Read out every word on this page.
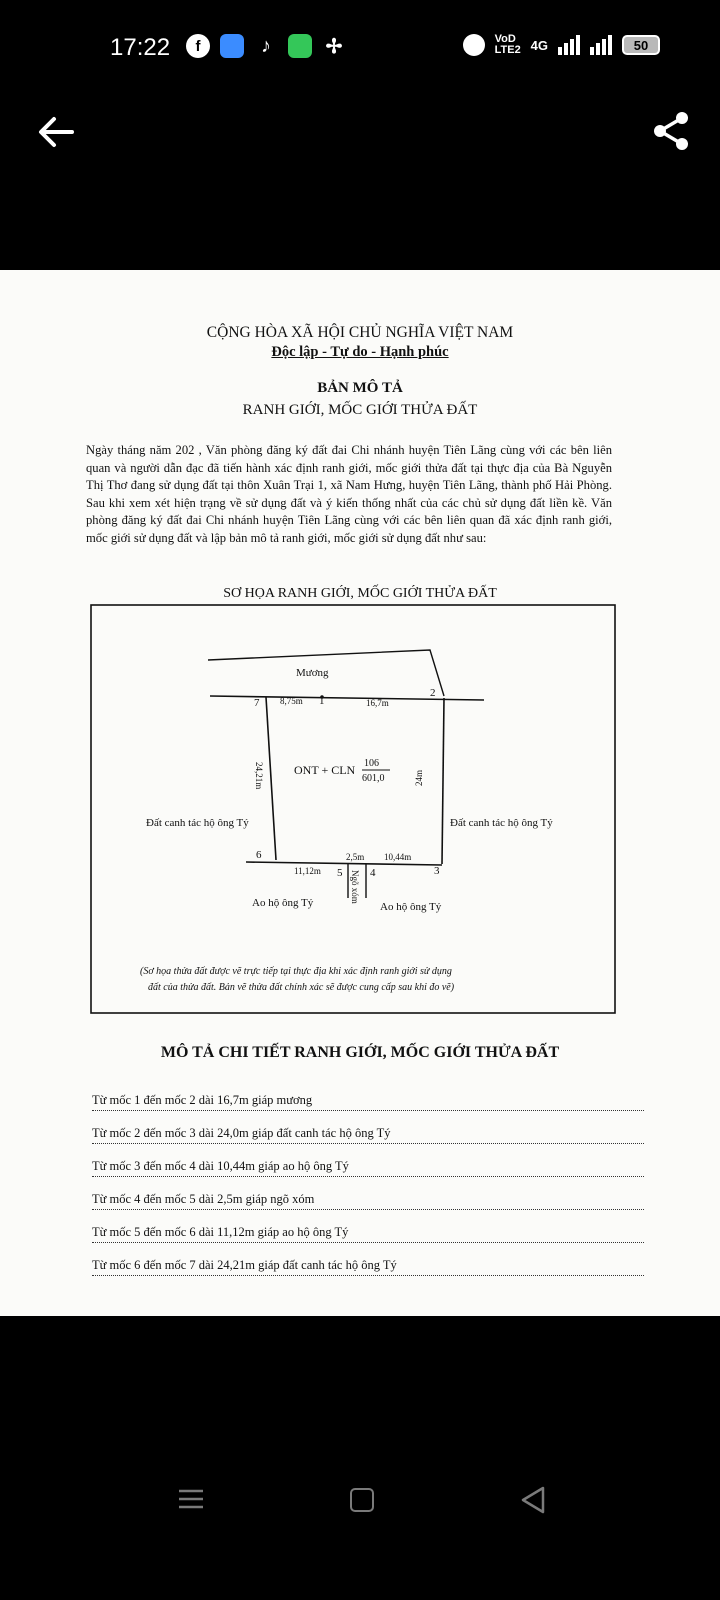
17:22	f	♪	✢	VoD LTE2 4G	50
CỘNG HÒA XÃ HỘI CHỦ NGHĨA VIỆT NAM
Độc lập - Tự do - Hạnh phúc
BẢN MÔ TẢ
RANH GIỚI, MỐC GIỚI THỬA ĐẤT
Ngày tháng năm 202 , Văn phòng đăng ký đất đai Chi nhánh huyện Tiên Lãng cùng với các bên liên quan và người dẫn đạc đã tiến hành xác định ranh giới, mốc giới thửa đất tại thực địa của Bà Nguyễn Thị Thơ đang sử dụng đất tại thôn Xuân Trại 1, xã Nam Hưng, huyện Tiên Lãng, thành phố Hải Phòng. Sau khi xem xét hiện trạng về sử dụng đất và ý kiến thống nhất của các chủ sử dụng đất liền kề. Văn phòng đăng ký đất đai Chi nhánh huyện Tiên Lãng cùng với các bên liên quan đã xác định ranh giới, mốc giới sử dụng đất và lập bản mô tả ranh giới, mốc giới sử dụng đất như sau:
SƠ HỌA RANH GIỚI, MỐC GIỚI THỬA ĐẤT
Mương
7 8,75m 1	16,7m
2
ONT + CLN 106
601,0
24,21m	24m
Đất canh tác hộ ông Tý	Đất canh tác hộ ông Tý
6	2,5m 10,44m
11,12m 5	4	3
Ngõ xóm
Ao hộ ông Tý	Ao hộ ông Tý
(Sơ họa thửa đất được vẽ trực tiếp tại thực địa khi xác định ranh giới sử dụng
đất của thửa đất. Bản vẽ thửa đất chính xác sẽ được cung cấp sau khi đo vẽ)
MÔ TẢ CHI TIẾT RANH GIỚI, MỐC GIỚI THỬA ĐẤT
Từ mốc 1 đến mốc 2 dài 16,7m giáp mương
Từ mốc 2 đến mốc 3 dài 24,0m giáp đất canh tác hộ ông Tý
Từ mốc 3 đến mốc 4 dài 10,44m giáp ao hộ ông Tý
Từ mốc 4 đến mốc 5 dài 2,5m giáp ngõ xóm
Từ mốc 5 đến mốc 6 dài 11,12m giáp ao hộ ông Tý
Từ mốc 6 đến mốc 7 dài 24,21m giáp đất canh tác hộ ông Tý
